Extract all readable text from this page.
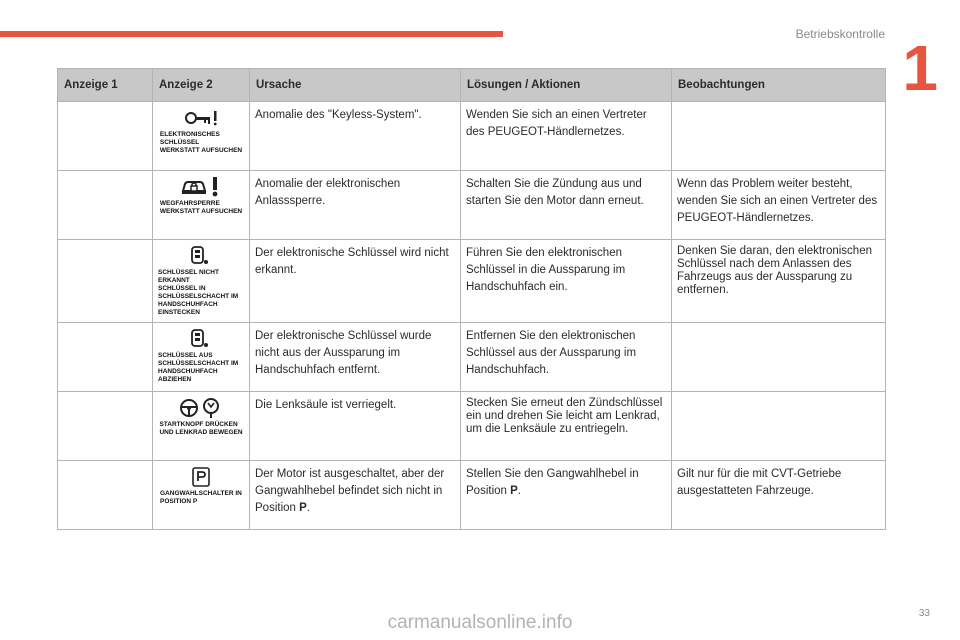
Betriebskontrolle 1
Anzeige 1	Anzeige 2	Ursache	Lösungen / Aktionen	Beobachtungen

	ELEKTRONISCHES
SCHLÜSSEL
WERKSTATT AUFSUCHEN	Anomalie des "Keyless-System".	Wenden Sie sich an einen Vertreter des PEUGEOT-Händlernetzes.	

	WEGFAHRSPERRE
WERKSTATT AUFSUCHEN	Anomalie der elektronischen Anlasssperre.	Schalten Sie die Zündung aus und starten Sie den Motor dann erneut.	Wenn das Problem weiter besteht, wenden Sie sich an einen Vertreter des PEUGEOT-Händlernetzes.

	SCHLÜSSEL NICHT ERKANNT
SCHLÜSSEL IN
SCHLÜSSELSCHACHT IM
HANDSCHUHFACH EINSTECKEN	Der elektronische Schlüssel wird nicht erkannt.	Führen Sie den elektronischen Schlüssel in die Aussparung im Handschuhfach ein.	Denken Sie daran, den elektronischen Schlüssel nach dem Anlassen des Fahrzeugs aus der Aussparung zu entfernen.

	SCHLÜSSEL AUS
SCHLÜSSELSCHACHT IM
HANDSCHUHFACH ABZIEHEN	Der elektronische Schlüssel wurde nicht aus der Aussparung im Handschuhfach entfernt.	Entfernen Sie den elektronischen Schlüssel aus der Aussparung im Handschuhfach.	

	STARTKNOPF DRÜCKEN
UND LENKRAD BEWEGEN	Die Lenksäule ist verriegelt.	Stecken Sie erneut den Zündschlüssel ein und drehen Sie leicht am Lenkrad, um die Lenksäule zu entriegeln.	

	GANGWAHLSCHALTER IN
POSITION P	Der Motor ist ausgeschaltet, aber der Gangwahlhebel befindet sich nicht in Position P.	Stellen Sie den Gangwahlhebel in Position P.	Gilt nur für die mit CVT-Getriebe ausgestatteten Fahrzeuge.
33
carmanualsonline.info
